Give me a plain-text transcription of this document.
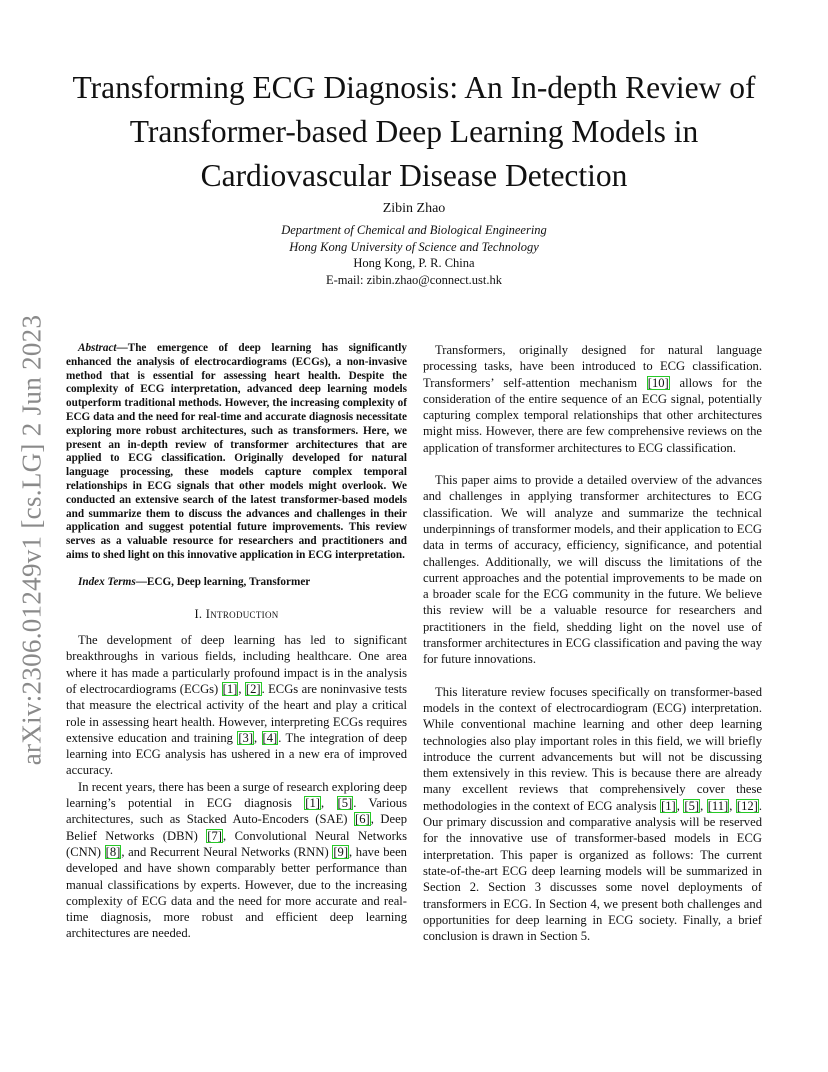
arXiv:2306.01249v1 [cs.LG] 2 Jun 2023
Transforming ECG Diagnosis: An In-depth Review of Transformer-based Deep Learning Models in Cardiovascular Disease Detection
Zibin Zhao
Department of Chemical and Biological Engineering
Hong Kong University of Science and Technology
Hong Kong, P. R. China
E-mail: zibin.zhao@connect.ust.hk

Abstract—The emergence of deep learning has significantly enhanced the analysis of electrocardiograms (ECGs), a non-invasive method that is essential for assessing heart health. Despite the complexity of ECG interpretation, advanced deep learning models outperform traditional methods. However, the increasing complexity of ECG data and the need for real-time and accurate diagnosis necessitate exploring more robust architectures, such as transformers. Here, we present an in-depth review of transformer architectures that are applied to ECG classification. Originally developed for natural language processing, these models capture complex temporal relationships in ECG signals that other models might overlook. We conducted an extensive search of the latest transformer-based models and summarize them to discuss the advances and challenges in their application and suggest potential future improvements. This review serves as a valuable resource for researchers and practitioners and aims to shed light on this innovative application in ECG interpretation.

Index Terms—ECG, Deep learning, Transformer

I. Introduction

The development of deep learning has led to significant breakthroughs in various fields, including healthcare. One area where it has made a particularly profound impact is in the analysis of electrocardiograms (ECGs) [1], [2]. ECGs are noninvasive tests that measure the electrical activity of the heart and play a critical role in assessing heart health. However, interpreting ECGs requires extensive education and training [3], [4]. The integration of deep learning into ECG analysis has ushered in a new era of improved accuracy.

In recent years, there has been a surge of research exploring deep learning’s potential in ECG diagnosis [1], [5]. Various architectures, such as Stacked Auto-Encoders (SAE) [6], Deep Belief Networks (DBN) [7], Convolutional Neural Networks (CNN) [8], and Recurrent Neural Networks (RNN) [9], have been developed and have shown comparably better performance than manual classifications by experts. However, due to the increasing complexity of ECG data and the need for more accurate and real-time diagnosis, more robust and efficient deep learning architectures are needed.

Transformers, originally designed for natural language processing tasks, have been introduced to ECG classification. Transformers’ self-attention mechanism [10] allows for the consideration of the entire sequence of an ECG signal, potentially capturing complex temporal relationships that other architectures might miss. However, there are few comprehensive reviews on the application of transformer architectures to ECG classification.

This paper aims to provide a detailed overview of the advances and challenges in applying transformer architectures to ECG classification. We will analyze and summarize the technical underpinnings of transformer models, and their application to ECG data in terms of accuracy, efficiency, significance, and potential challenges. Additionally, we will discuss the limitations of the current approaches and the potential improvements to be made on a broader scale for the ECG community in the future. We believe this review will be a valuable resource for researchers and practitioners in the field, shedding light on the novel use of transformer architectures in ECG classification and paving the way for future innovations.

This literature review focuses specifically on transformer-based models in the context of electrocardiogram (ECG) interpretation. While conventional machine learning and other deep learning technologies also play important roles in this field, we will briefly introduce the current advancements but will not be discussing them extensively in this review. This is because there are already many excellent reviews that comprehensively cover these methodologies in the context of ECG analysis [1], [5], [11], [12]. Our primary discussion and comparative analysis will be reserved for the innovative use of transformer-based models in ECG interpretation. This paper is organized as follows: The current state-of-the-art ECG deep learning models will be summarized in Section 2. Section 3 discusses some novel deployments of transformers in ECG. In Section 4, we present both challenges and opportunities for deep learning in ECG society. Finally, a brief conclusion is drawn in Section 5.
